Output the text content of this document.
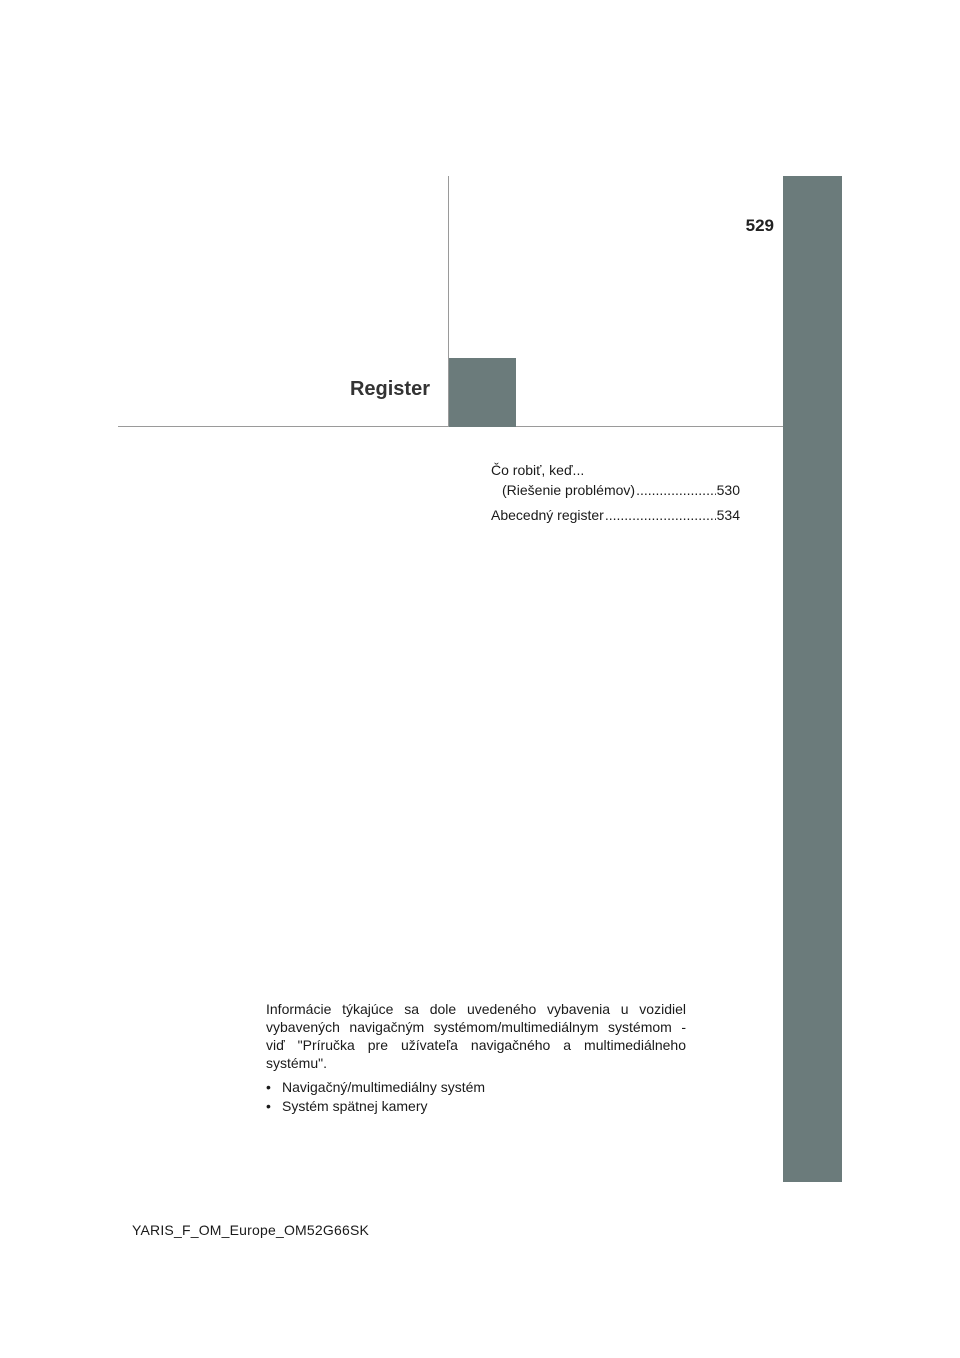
529
Register
Čo robiť, keď...
(Riešenie problémov) .....	530
Abecedný register .....	534

Informácie týkajúce sa dole uvedeného vybavenia u vozidiel vybavených navigačným systémom/multimediálnym systémom - viď "Príručka pre užívateľa navigačného a multimediálneho systému".

• Navigačný/multimediálny systém
• Systém spätnej kamery
YARIS_F_OM_Europe_OM52G66SK
